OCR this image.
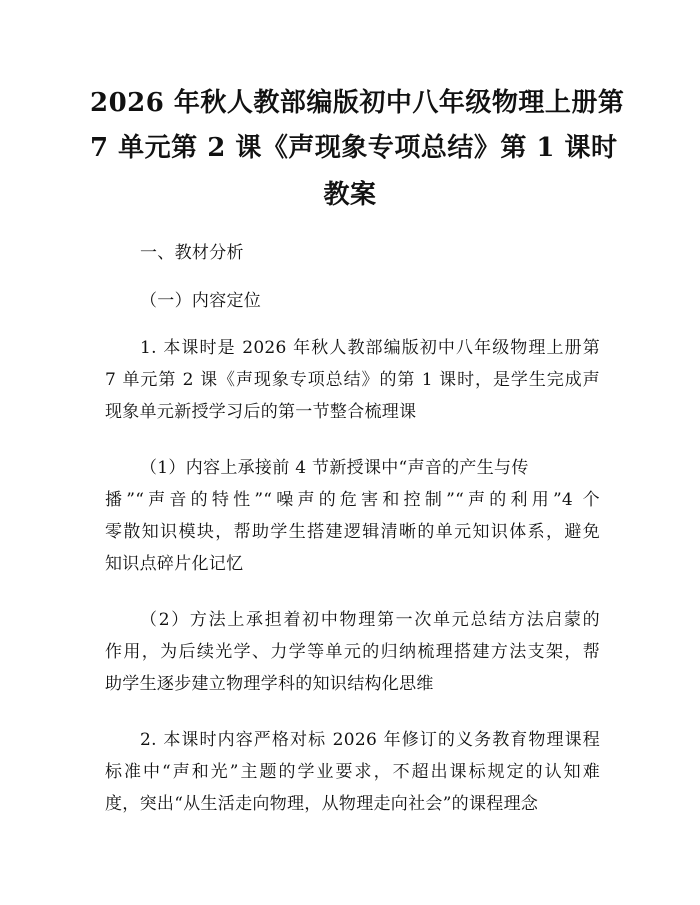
2026 年秋人教部编版初中八年级物理上册第
7 单元第 2 课《声现象专项总结》第 1 课时
教案
一、教材分析
（一）内容定位
1. 本课时是 2026 年秋人教部编版初中八年级物理上册第
7 单元第 2 课《声现象专项总结》的第 1 课时，是学生完成声
现象单元新授学习后的第一节整合梳理课
（1）内容上承接前 4 节新授课中“声音的产生与传
播”“声音的特性”“噪声的危害和控制”“声的利用”4 个
零散知识模块，帮助学生搭建逻辑清晰的单元知识体系，避免
知识点碎片化记忆
（2）方法上承担着初中物理第一次单元总结方法启蒙的
作用，为后续光学、力学等单元的归纳梳理搭建方法支架，帮
助学生逐步建立物理学科的知识结构化思维
2. 本课时内容严格对标 2026 年修订的义务教育物理课程
标准中“声和光”主题的学业要求，不超出课标规定的认知难
度，突出“从生活走向物理，从物理走向社会”的课程理念
